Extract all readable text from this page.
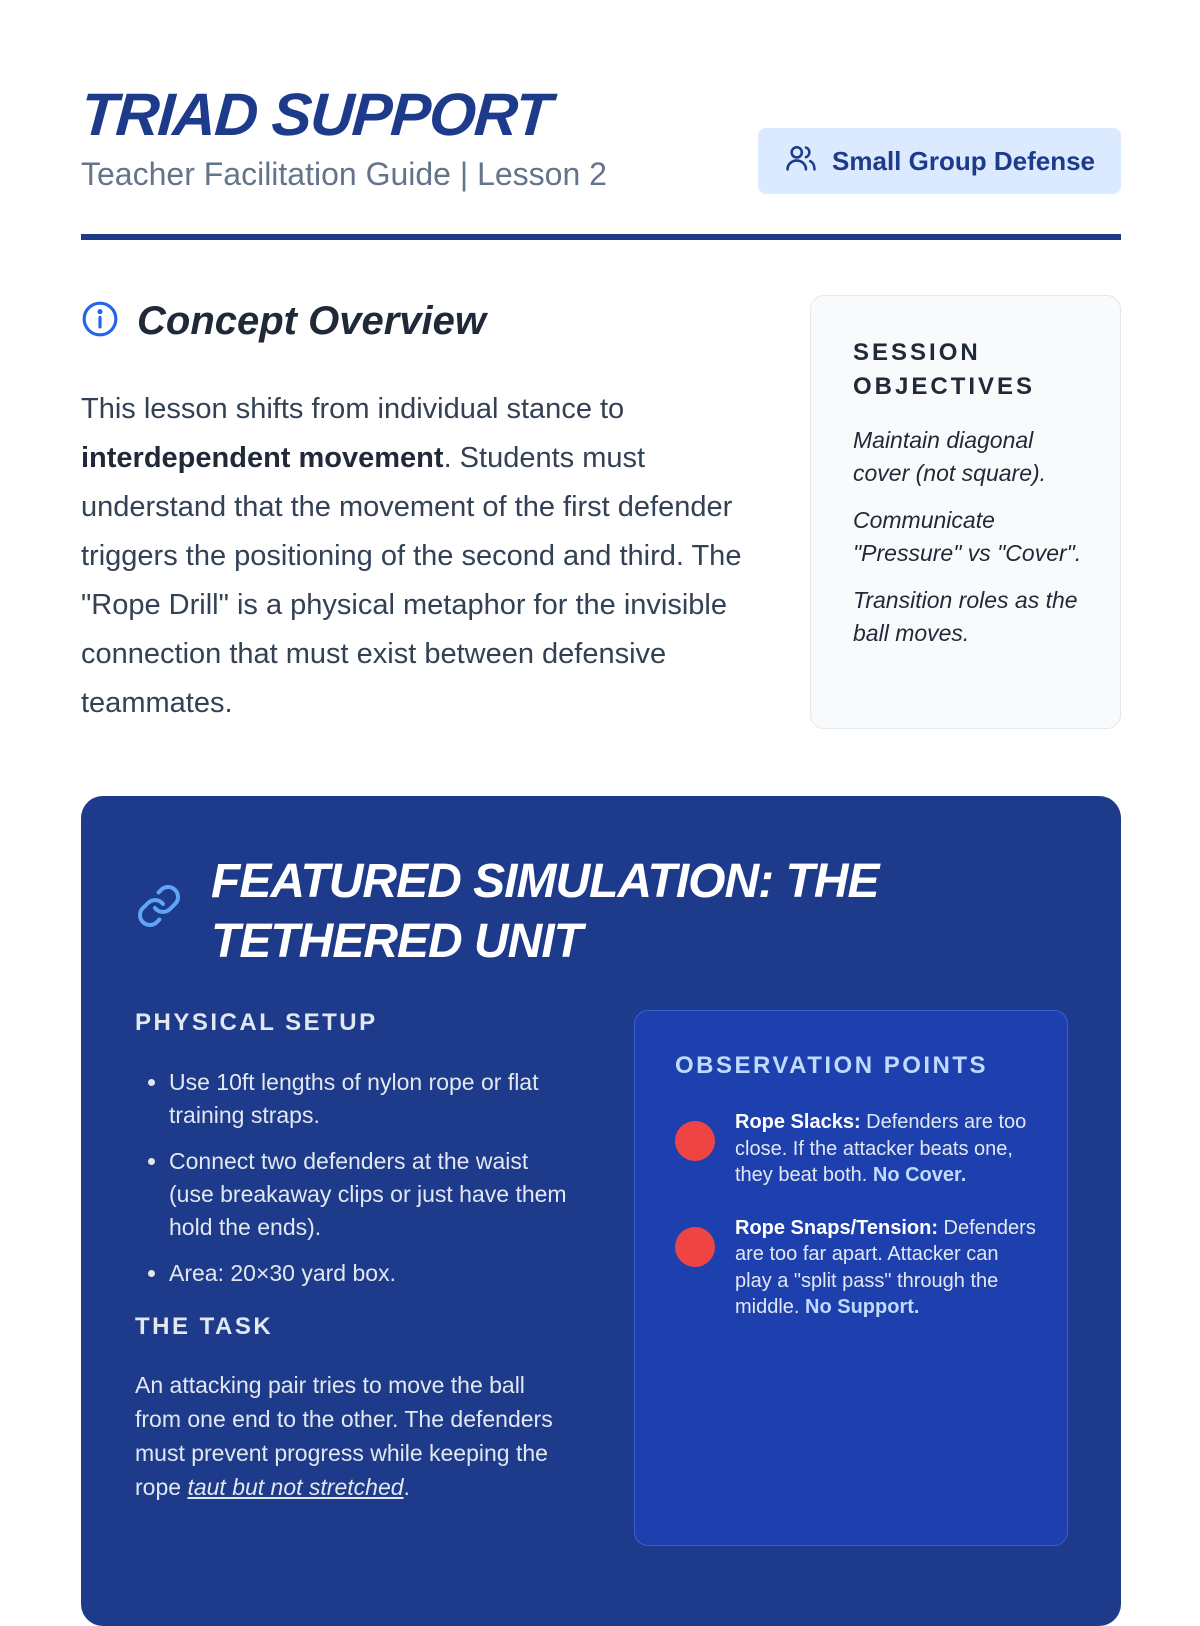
TRIAD SUPPORT
Teacher Facilitation Guide | Lesson 2	Small Group Defense
Concept Overview

This lesson shifts from individual stance to interdependent movement. Students must understand that the movement of the first defender triggers the positioning of the second and third. The "Rope Drill" is a physical metaphor for the invisible connection that must exist between defensive teammates.

SESSION OBJECTIVES
Maintain diagonal cover (not square).
Communicate "Pressure" vs "Cover".
Transition roles as the ball moves.
FEATURED SIMULATION: THE TETHERED UNIT
PHYSICAL SETUP
• Use 10ft lengths of nylon rope or flat training straps.
• Connect two defenders at the waist (use breakaway clips or just have them hold the ends).
• Area: 20×30 yard box.
THE TASK

An attacking pair tries to move the ball from one end to the other. The defenders must prevent progress while keeping the rope taut but not stretched.

OBSERVATION POINTS
Rope Slacks: Defenders are too close. If the attacker beats one, they beat both. No Cover.
Rope Snaps/Tension: Defenders are too far apart. Attacker can play a "split pass" through the middle. No Support.
